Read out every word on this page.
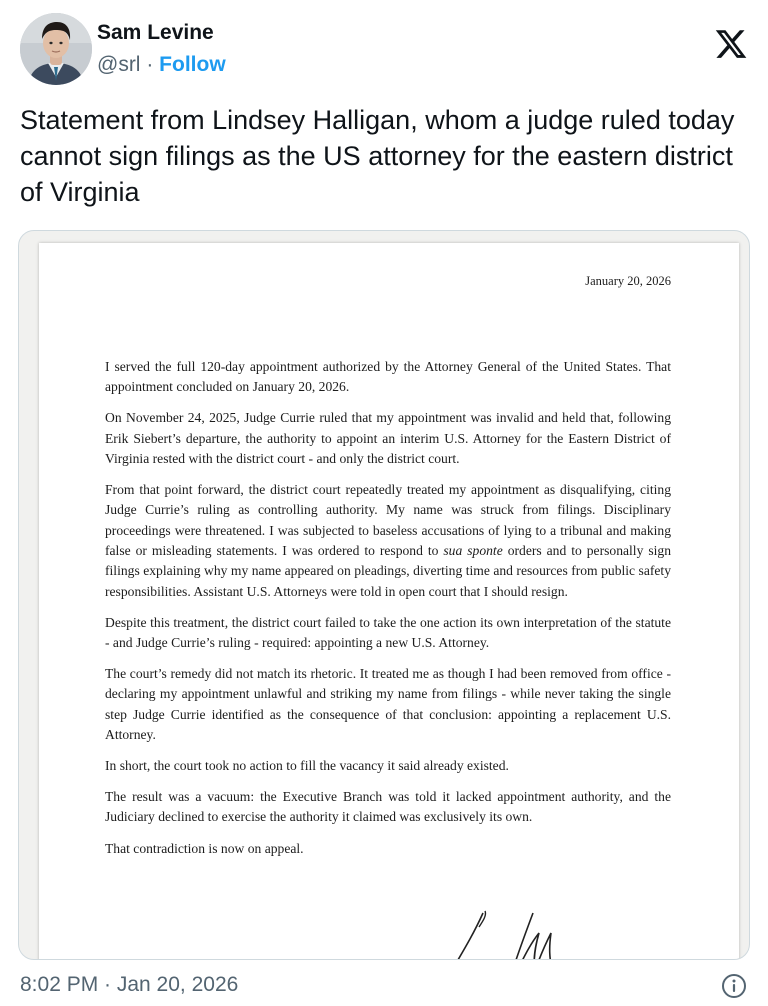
Sam Levine
@srl · Follow
Statement from Lindsey Halligan, whom a judge ruled today cannot sign filings as the US attorney for the eastern district of Virginia
January 20, 2026

I served the full 120-day appointment authorized by the Attorney General of the United States. That appointment concluded on January 20, 2026.

On November 24, 2025, Judge Currie ruled that my appointment was invalid and held that, following Erik Siebert’s departure, the authority to appoint an interim U.S. Attorney for the Eastern District of Virginia rested with the district court - and only the district court.

From that point forward, the district court repeatedly treated my appointment as disqualifying, citing Judge Currie’s ruling as controlling authority. My name was struck from filings. Disciplinary proceedings were threatened. I was subjected to baseless accusations of lying to a tribunal and making false or misleading statements. I was ordered to respond to sua sponte orders and to personally sign filings explaining why my name appeared on pleadings, diverting time and resources from public safety responsibilities. Assistant U.S. Attorneys were told in open court that I should resign.

Despite this treatment, the district court failed to take the one action its own interpretation of the statute - and Judge Currie’s ruling - required: appointing a new U.S. Attorney.

The court’s remedy did not match its rhetoric. It treated me as though I had been removed from office - declaring my appointment unlawful and striking my name from filings - while never taking the single step Judge Currie identified as the consequence of that conclusion: appointing a replacement U.S. Attorney.

In short, the court took no action to fill the vacancy it said already existed.

The result was a vacuum: the Executive Branch was told it lacked appointment authority, and the Judiciary declined to exercise the authority it claimed was exclusively its own.

That contradiction is now on appeal.

8:02 PM · Jan 20, 2026
